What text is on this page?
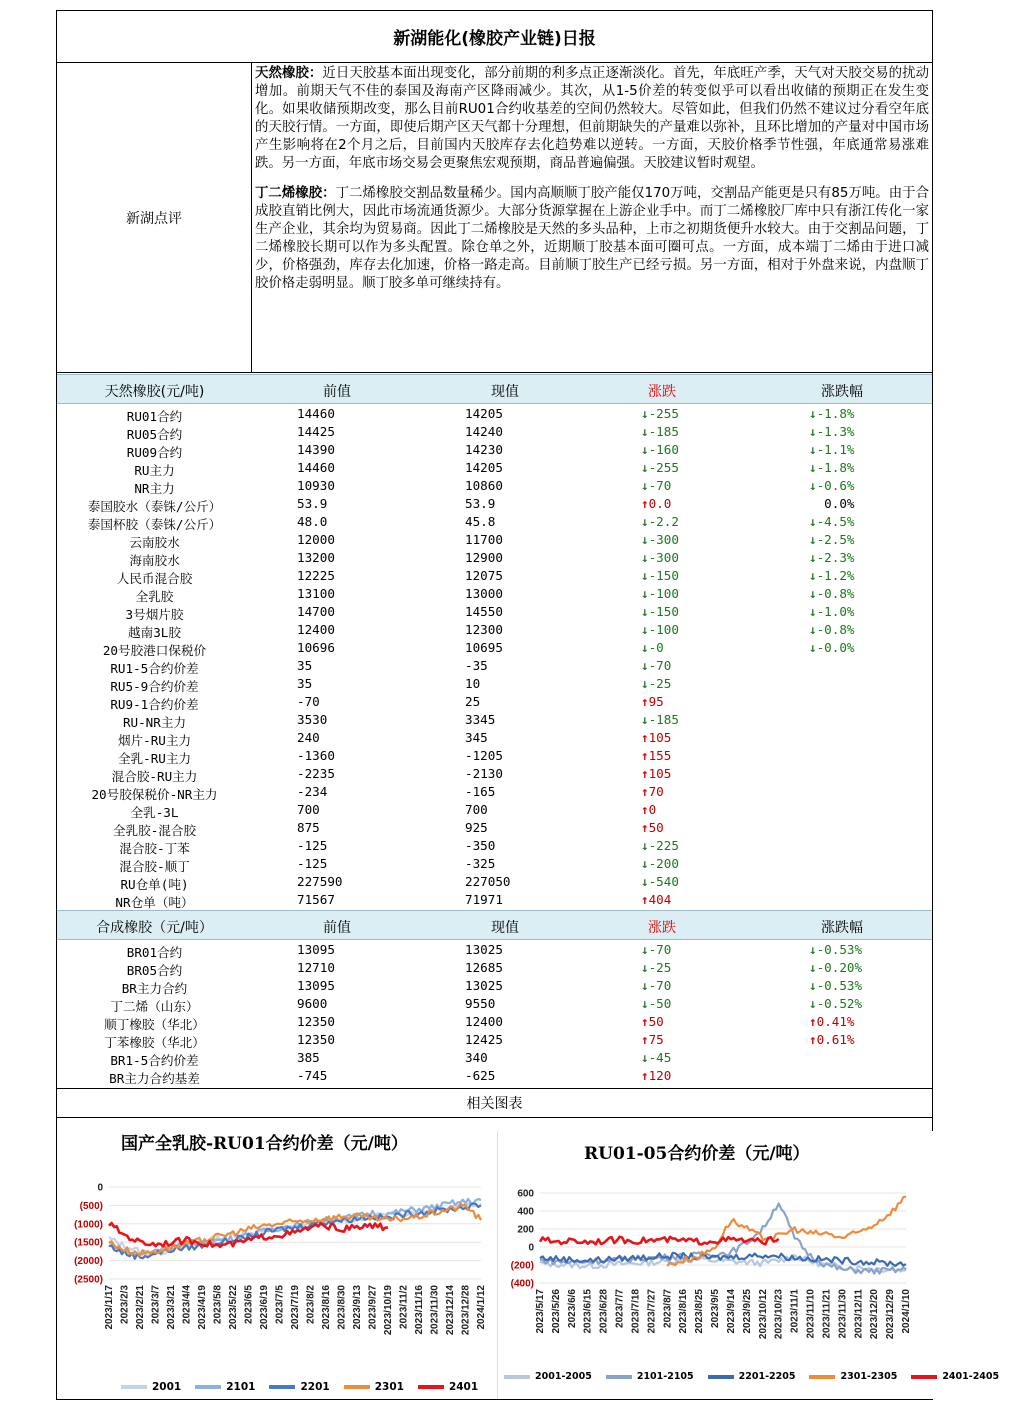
新湖能化(橡胶产业链)日报
新湖点评

天然橡胶：近日天胶基本面出现变化，部分前期的利多点正逐渐淡化。首先，年底旺产季，天气对天胶交易的扰动增加。前期天气不佳的泰国及海南产区降雨减少。其次，从1-5价差的转变似乎可以看出收储的预期正在发生变化。如果收储预期改变，那么目前RU01合约收基差的空间仍然较大。尽管如此，但我们仍然不建议过分看空年底的天胶行情。一方面，即使后期产区天气都十分理想，但前期缺失的产量难以弥补，且环比增加的产量对中国市场产生影响将在2个月之后，目前国内天胶库存去化趋势难以逆转。一方面，天胶价格季节性强，年底通常易涨难跌。另一方面，年底市场交易会更聚焦宏观预期，商品普遍偏强。天胶建议暂时观望。

丁二烯橡胶：丁二烯橡胶交割品数量稀少。国内高顺顺丁胶产能仅170万吨，交割品产能更是只有85万吨。由于合成胶直销比例大，因此市场流通货源少。大部分货源掌握在上游企业手中。而丁二烯橡胶厂库中只有浙江传化一家生产企业，其余均为贸易商。因此丁二烯橡胶是天然的多头品种，上市之初期货便升水较大。由于交割品问题，丁二烯橡胶长期可以作为多头配置。除仓单之外，近期顺丁胶基本面可圈可点。一方面，成本端丁二烯由于进口减少，价格强劲，库存去化加速，价格一路走高。目前顺丁胶生产已经亏损。另一方面，相对于外盘来说，内盘顺丁胶价格走弱明显。顺丁胶多单可继续持有。

天然橡胶(元/吨)	前值	现值	涨跌	涨跌幅
RU01合约	14460	14205	↓-255	↓-1.8%
RU05合约	14425	14240	↓-185	↓-1.3%
RU09合约	14390	14230	↓-160	↓-1.1%
RU主力	14460	14205	↓-255	↓-1.8%
NR主力	10930	10860	↓-70	↓-0.6%
泰国胶水（泰铢/公斤）	53.9	53.9	↑0.0	0.0%
泰国杯胶（泰铢/公斤）	48.0	45.8	↓-2.2	↓-4.5%
云南胶水	12000	11700	↓-300	↓-2.5%
海南胶水	13200	12900	↓-300	↓-2.3%
人民币混合胶	12225	12075	↓-150	↓-1.2%
全乳胶	13100	13000	↓-100	↓-0.8%
3号烟片胶	14700	14550	↓-150	↓-1.0%
越南3L胶	12400	12300	↓-100	↓-0.8%
20号胶港口保税价	10696	10695	↓-0	↓-0.0%
RU1-5合约价差	35	-35	↓-70
RU5-9合约价差	35	10	↓-25
RU9-1合约价差	-70	25	↑95
RU-NR主力	3530	3345	↓-185
烟片-RU主力	240	345	↑105
全乳-RU主力	-1360	-1205	↑155
混合胶-RU主力	-2235	-2130	↑105
20号胶保税价-NR主力	-234	-165	↑70
全乳-3L	700	700	↑0
全乳胶-混合胶	875	925	↑50
混合胶-丁苯	-125	-350	↓-225
混合胶-顺丁	-125	-325	↓-200
RU仓单(吨)	227590	227050	↓-540
NR仓单（吨）	71567	71971	↑404
合成橡胶（元/吨）	前值	现值	涨跌	涨跌幅
BR01合约	13095	13025	↓-70	↓-0.53%
BR05合约	12710	12685	↓-25	↓-0.20%
BR主力合约	13095	13025	↓-70	↓-0.53%
丁二烯（山东）	9600	9550	↓-50	↓-0.52%
顺丁橡胶（华北）	12350	12400	↑50	↑0.41%
丁苯橡胶（华北）	12350	12425	↑75	↑0.61%
BR1-5合约价差	385	340	↓-45
BR主力合约基差	-745	-625	↑120
相关图表
国产全乳胶-RU01合约价差（元/吨）
0
(500)
(1000)
(1500)
(2000)
(2500)
2023/1/17 2023/2/3 2023/2/21 2023/3/7 2023/3/21 2023/4/4 2023/4/19 2023/5/8 2023/5/22 2023/6/5 2023/6/19 2023/7/5 2023/7/19 2023/8/2 2023/8/16 2023/8/30 2023/9/13 2023/9/27 2023/10/19 2023/11/2 2023/11/16 2023/11/30 2023/12/14 2023/12/28 2024/1/12
2001	2101	2201	2301	2401
RU01-05合约价差（元/吨）
600
400
200
0
(200)
(400)
2023/5/17 2023/5/26 2023/6/6 2023/6/15 2023/6/28 2023/7/7 2023/7/18 2023/7/27 2023/8/7 2023/8/16 2023/8/25 2023/9/5 2023/9/14 2023/9/25 2023/10/12 2023/10/23 2023/11/1 2023/11/10 2023/11/21 2023/11/30 2023/12/11 2023/12/20 2023/12/29 2024/1/10
2001-2005	2101-2105	2201-2205	2301-2305	2401-2405
